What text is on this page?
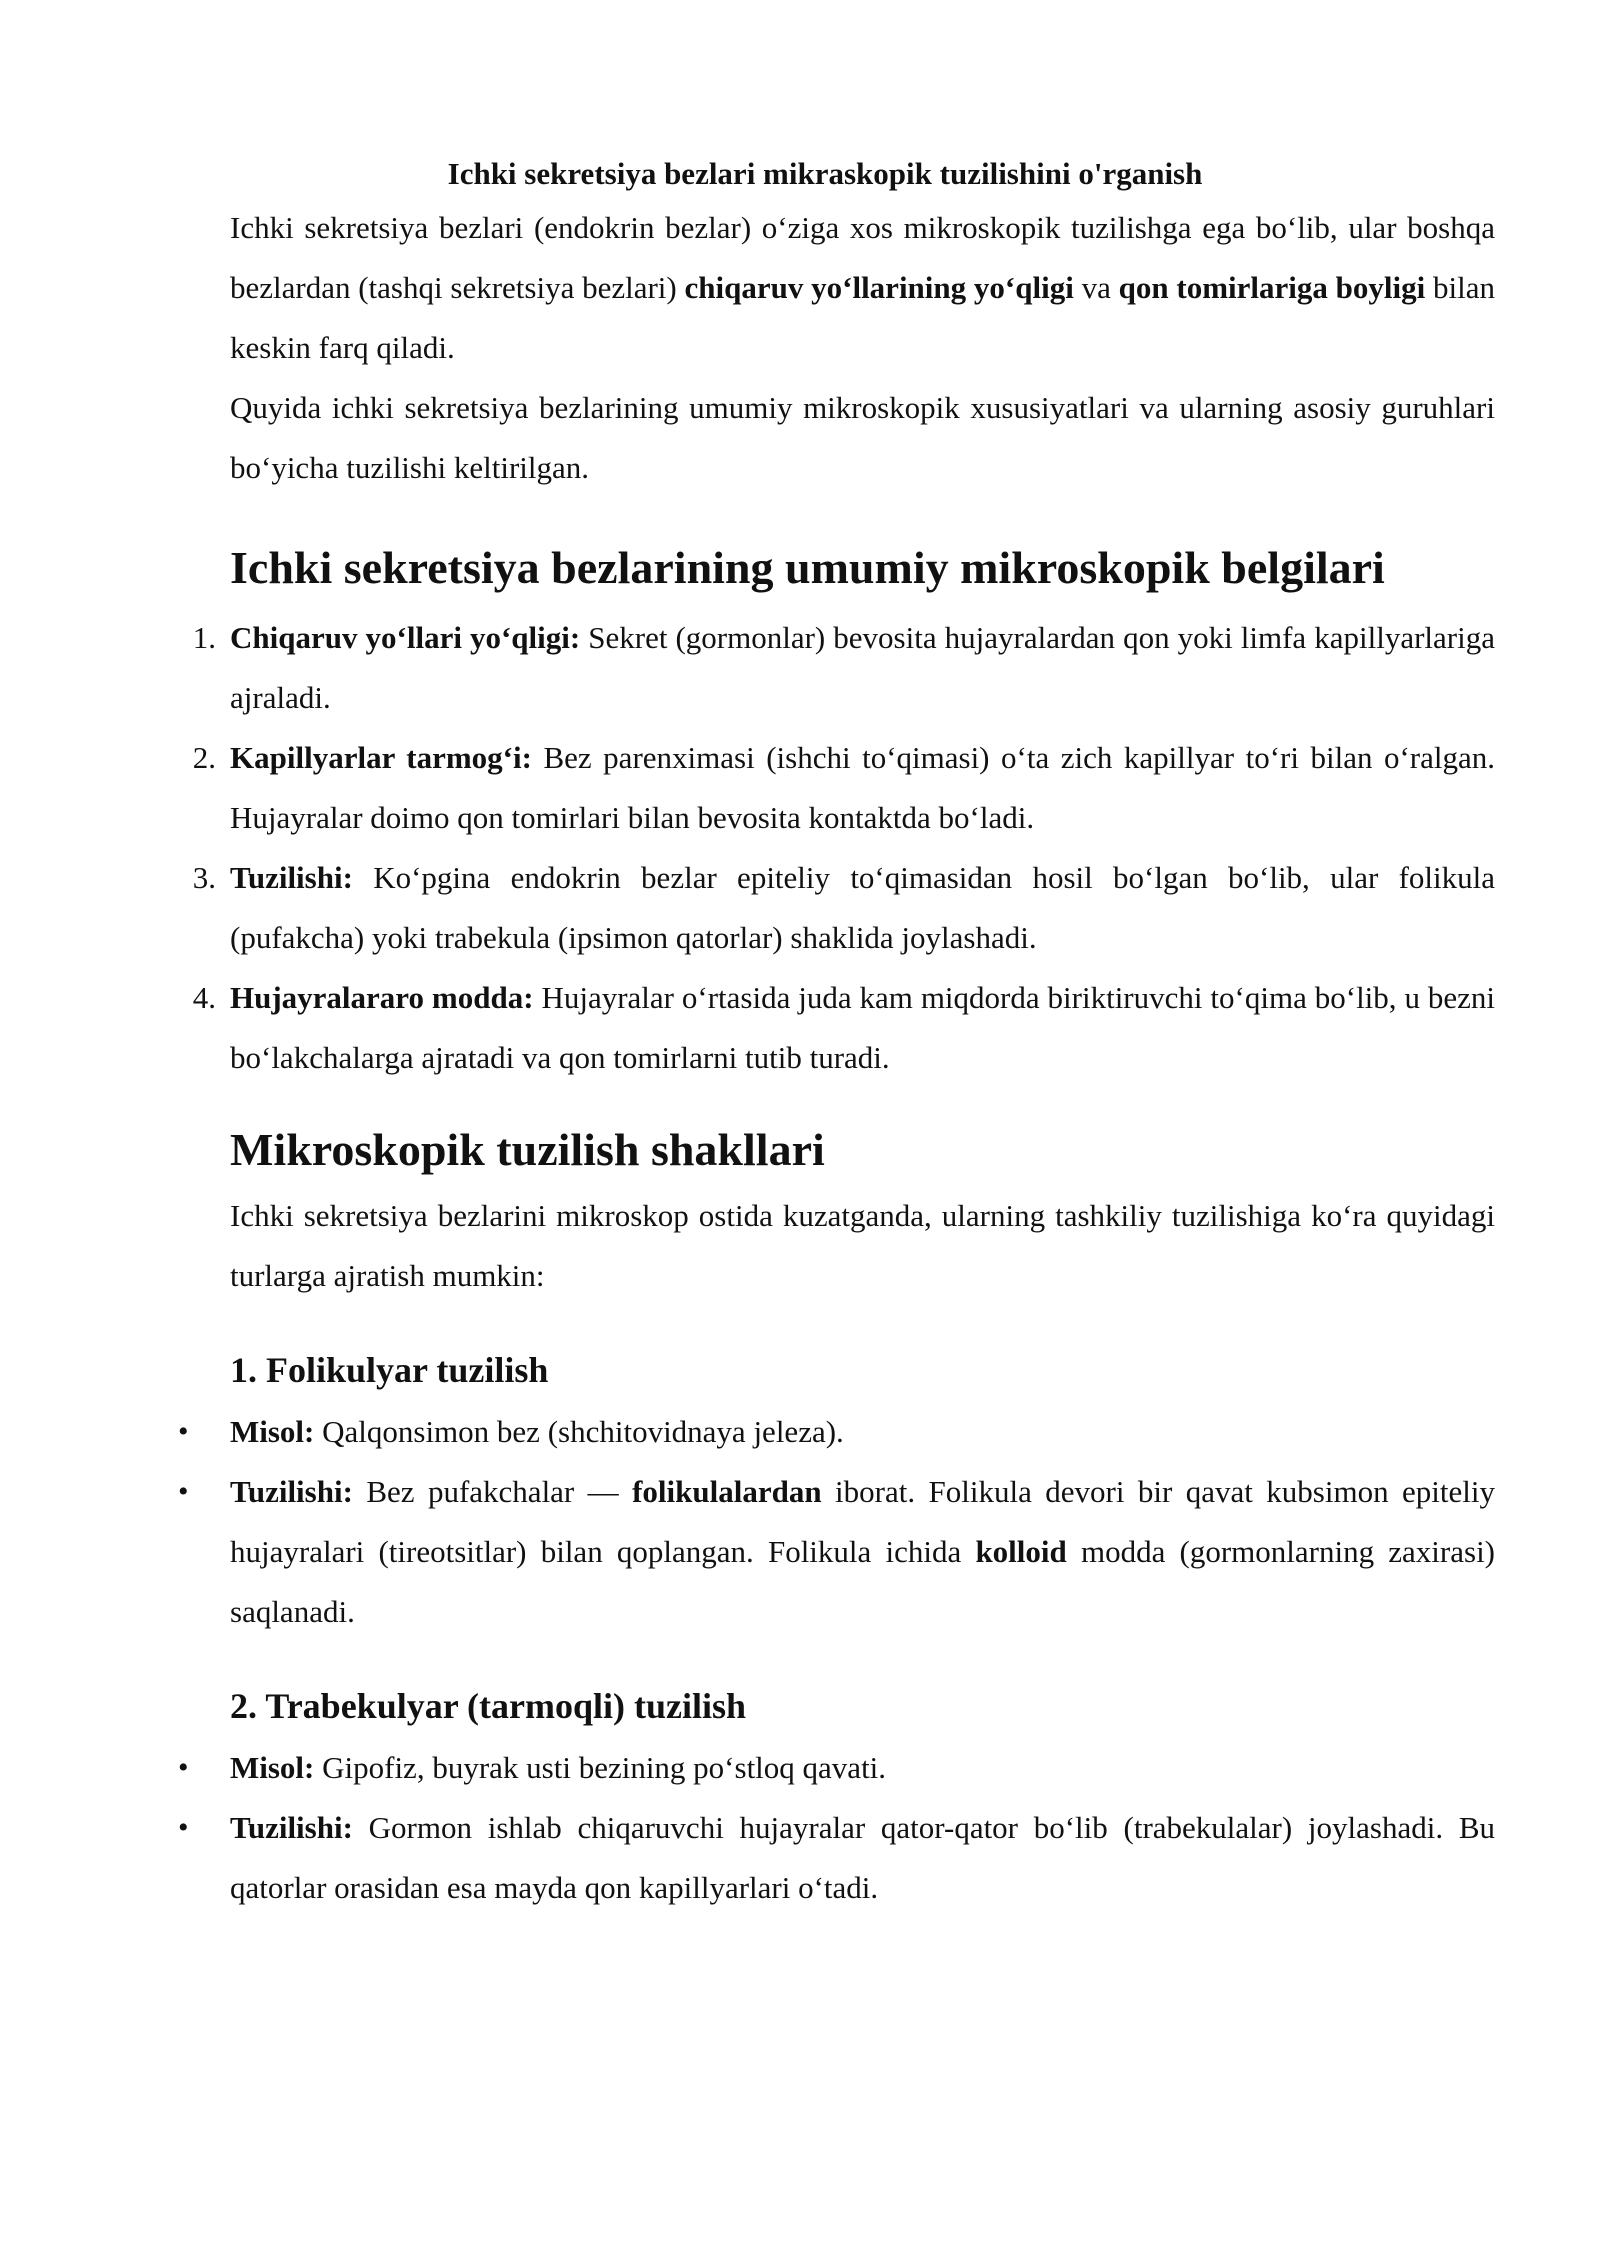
Ichki sekretsiya bezlari mikraskopik tuzilishini o'rganish

Ichki sekretsiya bezlari (endokrin bezlar) o‘ziga xos mikroskopik tuzilishga ega bo‘lib, ular boshqa bezlardan (tashqi sekretsiya bezlari) chiqaruv yo‘llarining yo‘qligi va qon tomirlariga boyligi bilan keskin farq qiladi.

Quyida ichki sekretsiya bezlarining umumiy mikroskopik xususiyatlari va ularning asosiy guruhlari bo‘yicha tuzilishi keltirilgan.

Ichki sekretsiya bezlarining umumiy mikroskopik belgilari
1. Chiqaruv yo‘llari yo‘qligi: Sekret (gormonlar) bevosita hujayralardan qon yoki limfa kapillyarlariga ajraladi.
2. Kapillyarlar tarmog‘i: Bez parenximasi (ishchi to‘qimasi) o‘ta zich kapillyar to‘ri bilan o‘ralgan. Hujayralar doimo qon tomirlari bilan bevosita kontaktda bo‘ladi.
3. Tuzilishi: Ko‘pgina endokrin bezlar epiteliy to‘qimasidan hosil bo‘lgan bo‘lib, ular folikula (pufakcha) yoki trabekula (ipsimon qatorlar) shaklida joylashadi.
4. Hujayralararo modda: Hujayralar o‘rtasida juda kam miqdorda biriktiruvchi to‘qima bo‘lib, u bezni bo‘lakchalarga ajratadi va qon tomirlarni tutib turadi.
Mikroskopik tuzilish shakllari

Ichki sekretsiya bezlarini mikroskop ostida kuzatganda, ularning tashkiliy tuzilishiga ko‘ra quyidagi turlarga ajratish mumkin:

1. Folikulyar tuzilish
• Misol: Qalqonsimon bez (shchitovidnaya jeleza).
• Tuzilishi: Bez pufakchalar — folikulalardan iborat. Folikula devori bir qavat kubsimon epiteliy hujayralari (tireotsitlar) bilan qoplangan. Folikula ichida kolloid modda (gormonlarning zaxirasi) saqlanadi.
2. Trabekulyar (tarmoqli) tuzilish
• Misol: Gipofiz, buyrak usti bezining po‘stloq qavati.
• Tuzilishi: Gormon ishlab chiqaruvchi hujayralar qator-qator bo‘lib (trabekulalar) joylashadi. Bu qatorlar orasidan esa mayda qon kapillyarlari o‘tadi.
